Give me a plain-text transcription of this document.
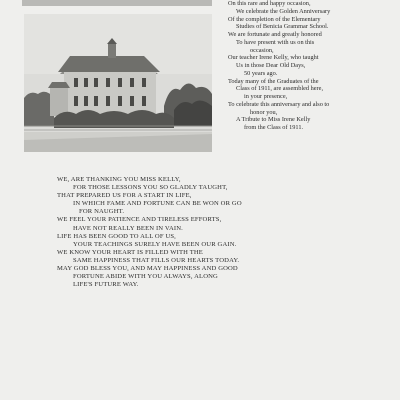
On this rare and happy occasion,
We celebrate the Golden Anniversary
Of the completion of the Elementary
Studies of Benicia Grammar School.
We are fortunate and greatly honored
To have present with us on this
occasion,
Our teacher Irene Kelly, who taught
Us in those Dear Old Days,
50 years ago.
Today many of the Graduates of the
Class of 1911, are assembled here,
in your presence,
To celebrate this anniversary and also to
honor you,
A Tribute to Miss Irene Kelly
from the Class of 1911.
WE, ARE THANKING YOU MISS KELLY,
FOR THOSE LESSONS YOU SO GLADLY TAUGHT,
THAT PREPARED US FOR A START IN LIFE,
IN WHICH FAME AND FORTUNE CAN BE WON OR GO
FOR NAUGHT.
WE FEEL YOUR PATIENCE AND TIRELESS EFFORTS,
HAVE NOT REALLY BEEN IN VAIN.
LIFE HAS BEEN GOOD TO ALL OF US,
YOUR TEACHINGS SURELY HAVE BEEN OUR GAIN.
WE KNOW YOUR HEART IS FILLED WITH THE
SAME HAPPINESS THAT FILLS OUR HEARTS TODAY.
MAY GOD BLESS YOU, AND MAY HAPPINESS AND GOOD
FORTUNE ABIDE WITH YOU ALWAYS, ALONG
LIFE'S FUTURE WAY.
